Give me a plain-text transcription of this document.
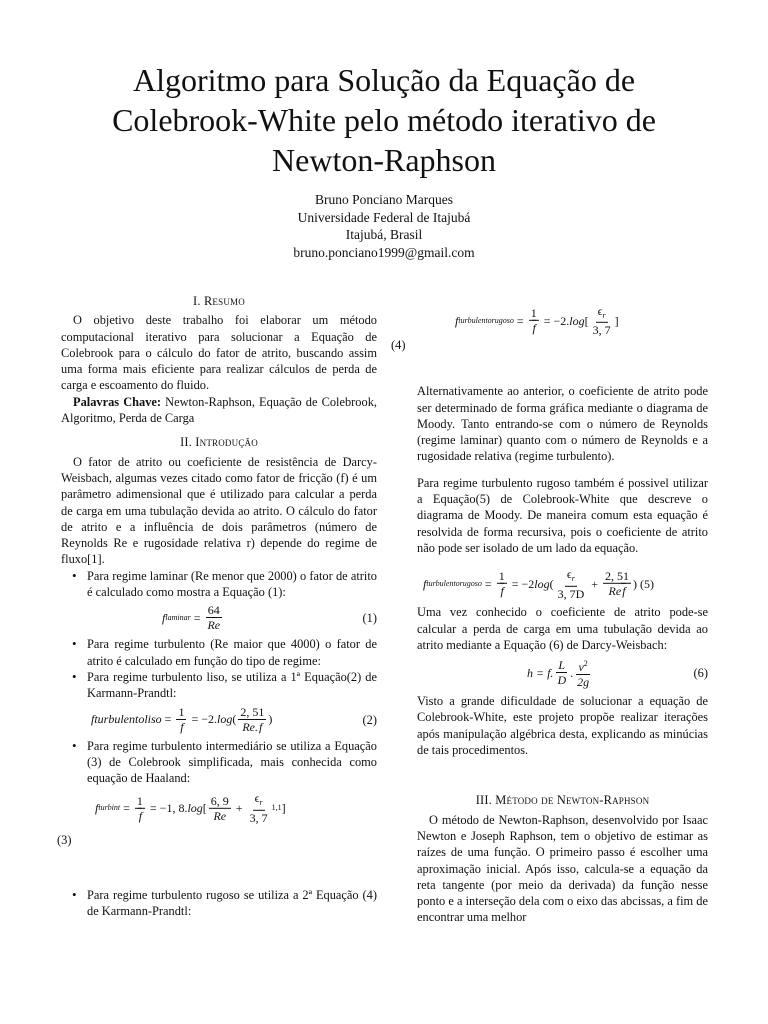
Algoritmo para Solução da Equação de Colebrook-White pelo método iterativo de Newton-Raphson
Bruno Ponciano Marques
Universidade Federal de Itajubá
Itajubá, Brasil
bruno.ponciano1999@gmail.com
I. Resumo

O objetivo deste trabalho foi elaborar um método computacional iterativo para solucionar a Equação de Colebrook para o cálculo do fator de atrito, buscando assim uma forma mais eficiente para realizar cálculos de perda de carga e escoamento do fluido.

Palavras Chave: Newton-Raphson, Equação de Colebrook, Algoritmo, Perda de Carga

II. Introdução

O fator de atrito ou coeficiente de resistência de Darcy-Weisbach, algumas vezes citado como fator de fricção (f) é um parâmetro adimensional que é utilizado para calcular a perda de carga em uma tubulação devida ao atrito. O cálculo do fator de atrito e a influência de dois parâmetros (número de Reynolds Re e rugosidade relativa r) depende do regime de fluxo[1].

• Para regime laminar (Re menor que 2000) o fator de atrito é calculado como mostra a Equação (1):
f laminar = $\frac{64}{Re}$	(1)
• Para regime turbulento (Re maior que 4000) o fator de atrito é calculado em função do tipo de regime:
• Para regime turbulento liso, se utiliza a 1ª Equação(2) de Karmann-Prandtl:
fturbulentoliso = $\frac{1}{f} = -2$. log ( $\frac{2, 51}{Re.f}$ )	(2)
• Para regime turbulento intermediário se utiliza a Equação (3) de Colebrook simplificada, mais conhecida como equação de Haaland:
f turbint = $\frac{1}{f} = -1$, 8. log [ $\frac{6, 9}{Re} + \frac{\epsilon_r}{3, 7} 1,1$ ]
(3)
• Para regime turbulento rugoso se utiliza a 2ª Equação (4) de Karmann-Prandtl:
f turbulentorugoso = $\frac{1}{f} = -2$. log [ $\frac{\epsilon_r}{3, 7}$ ]
(4)

Alternativamente ao anterior, o coeficiente de atrito pode ser determinado de forma gráfica mediante o diagrama de Moody. Tanto entrando-se com o número de Reynolds (regime laminar) quanto com o número de Reynolds e a rugosidade relativa (regime turbulento).

Para regime turbulento rugoso também é possivel utilizar a Equação(5) de Colebrook-White que descreve o diagrama de Moody. De maneira comum esta equação é resolvida de forma recursiva, pois o coeficiente de atrito não pode ser isolado de um lado da equação.

f turbulentorugoso = $\frac{1}{f} = -2$ log ( $\frac{\epsilon_r}{3, 7D} + \frac{2, 51}{\text{Ref}}$ ) (5)

Uma vez conhecido o coeficiente de atrito pode-se calcular a perda de carga em uma tubulação devida ao atrito mediante a Equação (6) de Darcy-Weisbach:

h = f. $\frac{L}{D}$ . $\frac{v^2}{2g}$	(6)

Visto a grande dificuldade de solucionar a equação de Colebrook-White, este projeto propõe realizar iterações após manipulação algébrica desta, explicando as minúcias de tais procedimentos.

III. Método de Newton-Raphson

O método de Newton-Raphson, desenvolvido por Isaac Newton e Joseph Raphson, tem o objetivo de estimar as raízes de uma função. O primeiro passo é escolher uma aproximação inicial. Após isso, calcula-se a equação da reta tangente (por meio da derivada) da função nesse ponto e a interseção dela com o eixo das abcissas, a fim de encontrar uma melhor
